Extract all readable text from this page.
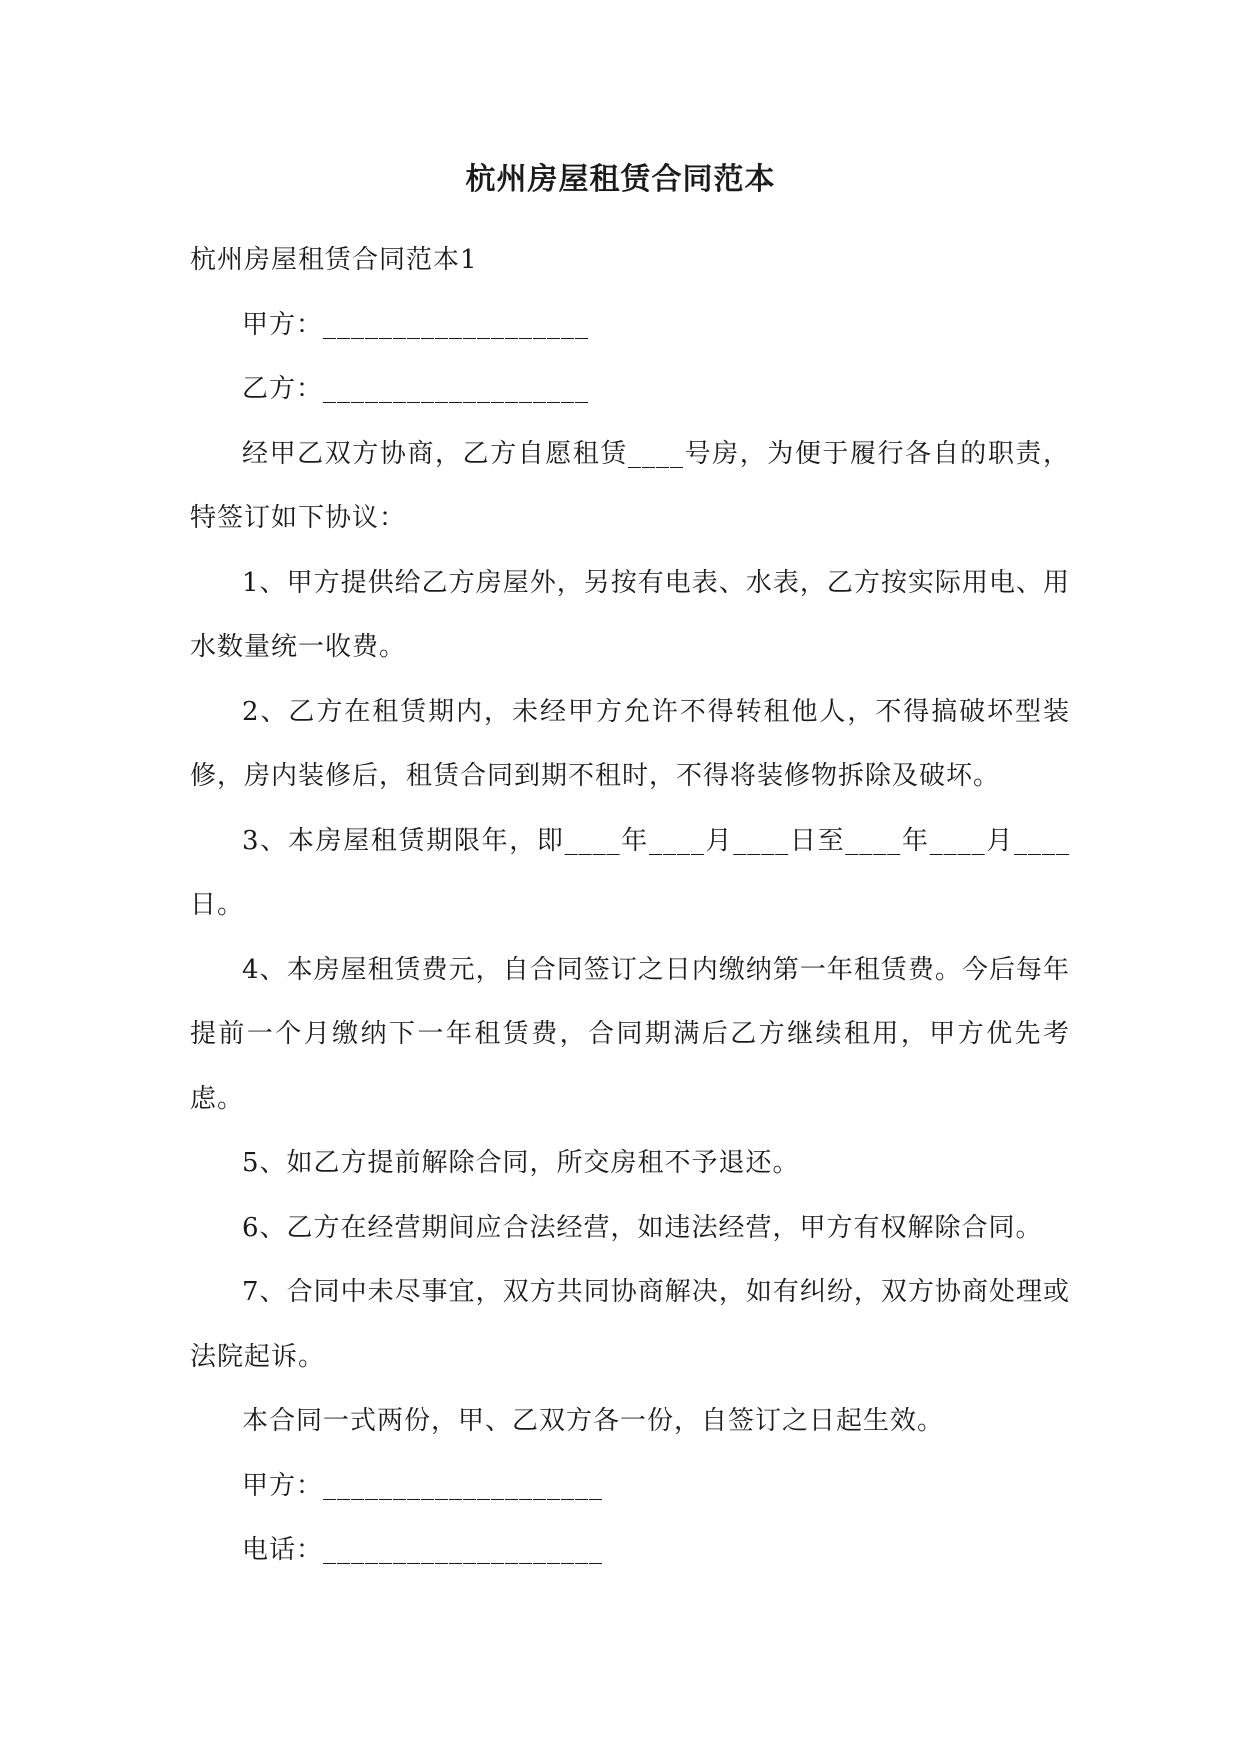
杭州房屋租赁合同范本

杭州房屋租赁合同范本1

甲方：___________________

乙方：___________________

经甲乙双方协商，乙方自愿租赁____号房，为便于履行各自的职责，特签订如下协议：

1、甲方提供给乙方房屋外，另按有电表、水表，乙方按实际用电、用水数量统一收费。

2、乙方在租赁期内，未经甲方允许不得转租他人，不得搞破坏型装修，房内装修后，租赁合同到期不租时，不得将装修物拆除及破坏。

3、本房屋租赁期限年，即____年____月____日至____年____月____日。

4、本房屋租赁费元，自合同签订之日内缴纳第一年租赁费。今后每年提前一个月缴纳下一年租赁费，合同期满后乙方继续租用，甲方优先考虑。

5、如乙方提前解除合同，所交房租不予退还。

6、乙方在经营期间应合法经营，如违法经营，甲方有权解除合同。

7、合同中未尽事宜，双方共同协商解决，如有纠纷，双方协商处理或法院起诉。

本合同一式两份，甲、乙双方各一份，自签订之日起生效。

甲方：____________________

电话：____________________
